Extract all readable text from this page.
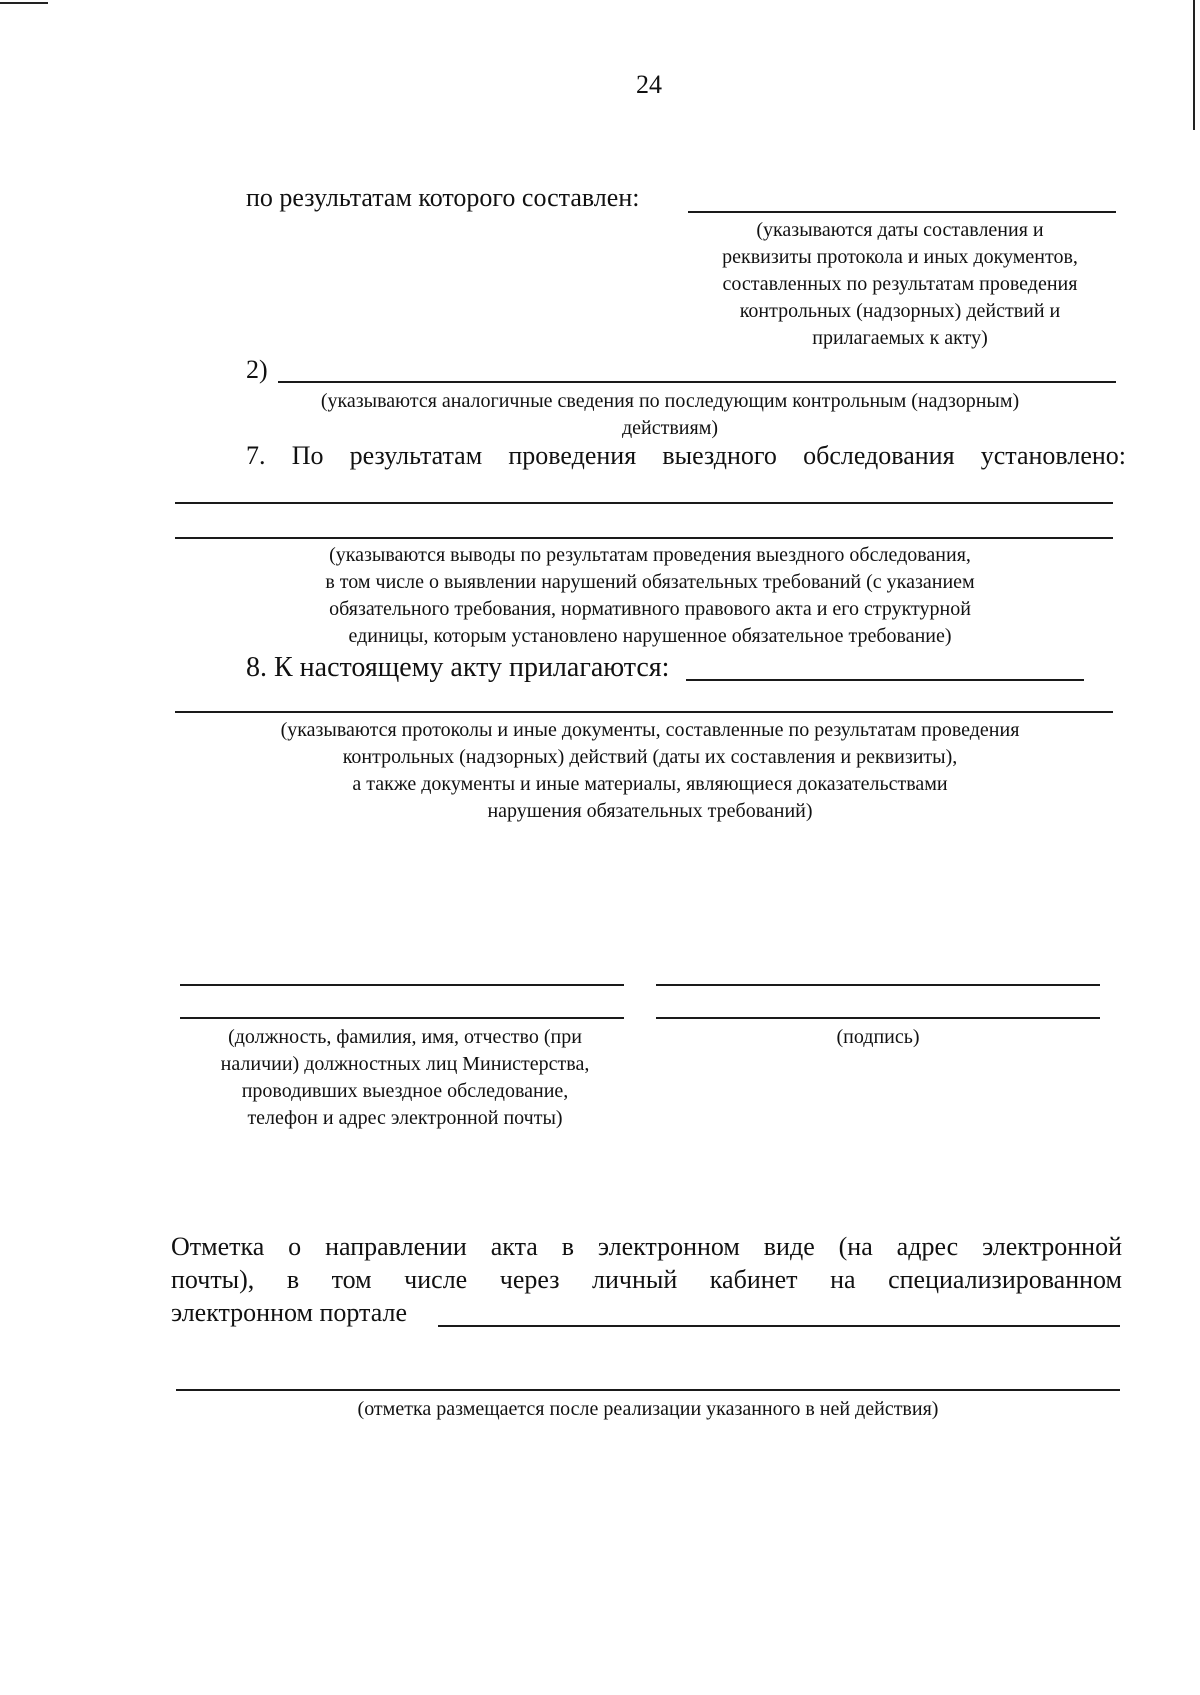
24
по результатам которого составлен:
(указываются даты составления и
реквизиты протокола и иных документов,
составленных по результатам проведения
контрольных (надзорных) действий и
прилагаемых к акту)
2)
(указываются аналогичные сведения по последующим контрольным (надзорным)
действиям)
7. По результатам проведения выездного обследования установлено:
(указываются выводы по результатам проведения выездного обследования,
в том числе о выявлении нарушений обязательных требований (с указанием
обязательного требования, нормативного правового акта и его структурной
единицы, которым установлено нарушенное обязательное требование)
8. К настоящему акту прилагаются:
(указываются протоколы и иные документы, составленные по результатам проведения
контрольных (надзорных) действий (даты их составления и реквизиты),
а также документы и иные материалы, являющиеся доказательствами
нарушения обязательных требований)
(должность, фамилия, имя, отчество (при
наличии) должностных лиц Министерства,
проводивших выездное обследование,
телефон и адрес электронной почты)
(подпись)
Отметка о направлении акта в электронном виде (на адрес электронной
почты), в том числе через личный кабинет на специализированном
электронном портале
(отметка размещается после реализации указанного в ней действия)
